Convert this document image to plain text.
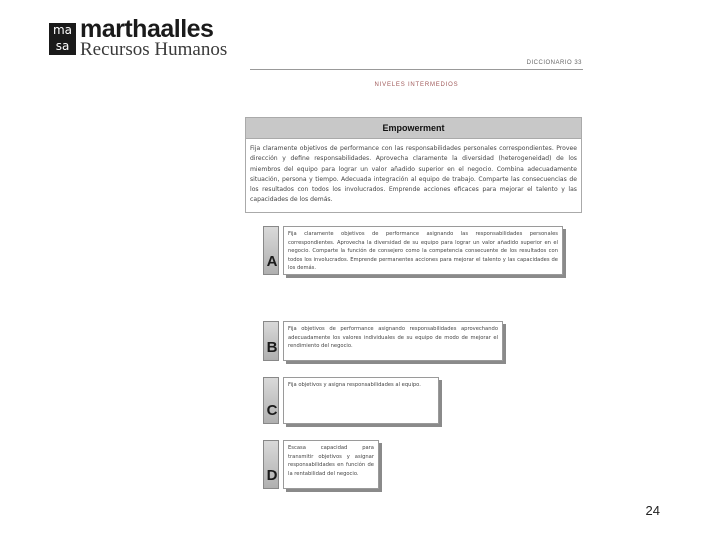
ma
sa
marthaalles
Recursos Humanos
DICCIONARIO 33
NIVELES INTERMEDIOS
Empowerment
Fija claramente objetivos de performance con las responsabilidades personales correspondientes. Provee dirección y define responsabilidades. Aprovecha claramente la diversidad (heterogeneidad) de los miembros del equipo para lograr un valor añadido superior en el negocio. Combina adecuadamente situación, persona y tiempo. Adecuada integración al equipo de trabajo. Comparte las consecuencias de los resultados con todos los involucrados. Emprende acciones eficaces para mejorar el talento y las capacidades de los demás.
A
Fija claramente objetivos de performance asignando las responsabilidades personales correspondientes. Aprovecha la diversidad de su equipo para lograr un valor añadido superior en el negocio. Comparte la función de consejero como la competencia consecuente de los resultados con todos los involucrados. Emprende permanentes acciones para mejorar el talento y las capacidades de los demás.
B
Fija objetivos de performance asignando responsabilidades aprovechando adecuadamente los valores individuales de su equipo de modo de mejorar el rendimiento del negocio.
C
Fija objetivos y asigna responsabilidades al equipo.
D
Escasa capacidad para transmitir objetivos y asignar responsabilidades en función de la rentabilidad del negocio.
24
